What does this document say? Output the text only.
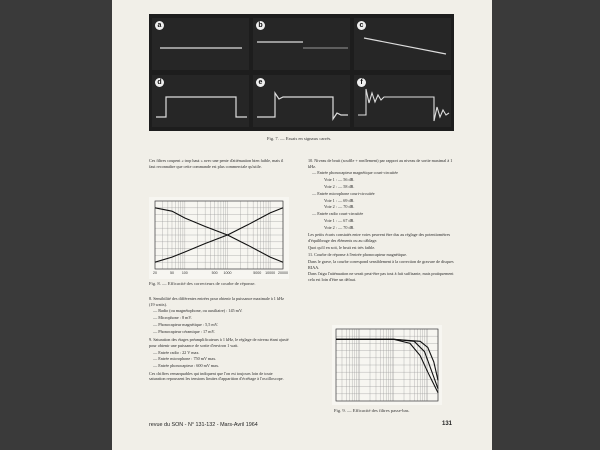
a	b	c
d	e	f
Fig. 7. — Essais en signaux carrés.

Ces filtres coupent « trop haut » avec une pente d'atténuation bien faible, mais il faut reconnaître que cette commande est plus commerciale qu'utile.

20	50 100	500 1000	5000 10000 20000
Fig. 8. — Efficacité des correcteurs de courbe de réponse.

8. Sensibilité des différentes entrées pour obtenir la puissance maximale à 1 kHz (19 watts).

— Radio (ou magnétophone, ou auxiliaire) : 145 mV.

— Microphone : 8 mV.

— Phonocapteur magnétique : 5,5 mV.

— Phonocapteur céramique : 17 mV.

9. Saturation des étages préamplificateurs à 1 kHz, le réglage de niveau étant ajusté pour obtenir une puissance de sortie d'environ 1 watt.

— Entrée radio : 22 V max.

— Entrée microphone : 750 mV max.

— Entrée phonocapteur : 600 mV max.

Ces chiffres remarquables qui indiquent que l'on est toujours loin de toute saturation repoussent les tensions limites d'apparition d'écrêtage à l'oscilloscope.

10. Niveau de bruit (souffle + ronflement) par rapport au niveau de sortie maximal à 1 kHz.

— Entrée phonocapteur magnétique court-circuitée

Voie 1 : — 56 dB.

Voie 2 : — 58 dB.

— Entrée microphone court-circuitée

Voie 1 : — 69 dB.

Voie 2 : — 70 dB.

— Entrée radio court-circuitée

Voie 1 : — 67 dB.

Voie 2 : — 70 dB.

Les petits écarts constatés entre voies peuvent être dus au réglage des potentiomètres d'équilibrage des éléments ou au câblage.

Quoi qu'il en soit, le bruit est très faible.

11. Courbe de réponse à l'entrée phonocapteur magnétique.

Dans le grave, la courbe correspond sensiblement à la correction de gravure de disques RIAA.

Dans l'aigu l'atténuation ne serait peut-être pas tout à fait suffisante, mais pratiquement cela est loin d'être un défaut.

Fig. 9. — Efficacité des filtres passe-bas.
revue du SON - N° 131-132 - Mars-Avril 1964	131
